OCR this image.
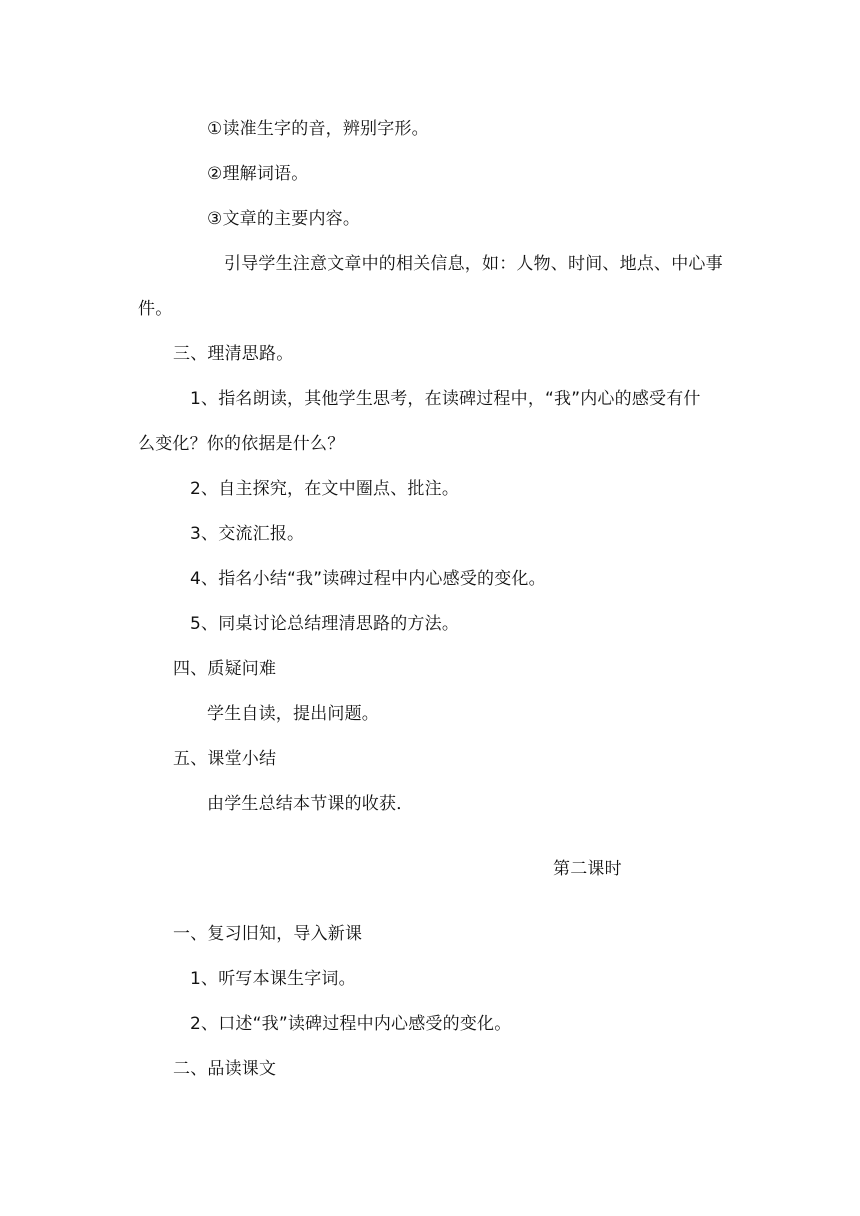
①读准生字的音，辨别字形。
②理解词语。
③文章的主要内容。
引导学生注意文章中的相关信息，如：人物、时间、地点、中心事
件。
三、理清思路。
1、指名朗读，其他学生思考，在读碑过程中，“我”内心的感受有什
么变化？你的依据是什么？
2、自主探究，在文中圈点、批注。
3、交流汇报。
4、指名小结“我”读碑过程中内心感受的变化。
5、同桌讨论总结理清思路的方法。
四、质疑问难
学生自读，提出问题。
五、课堂小结
由学生总结本节课的收获．
第二课时
一、复习旧知，导入新课
1、听写本课生字词。
2、口述“我”读碑过程中内心感受的变化。
二、品读课文
